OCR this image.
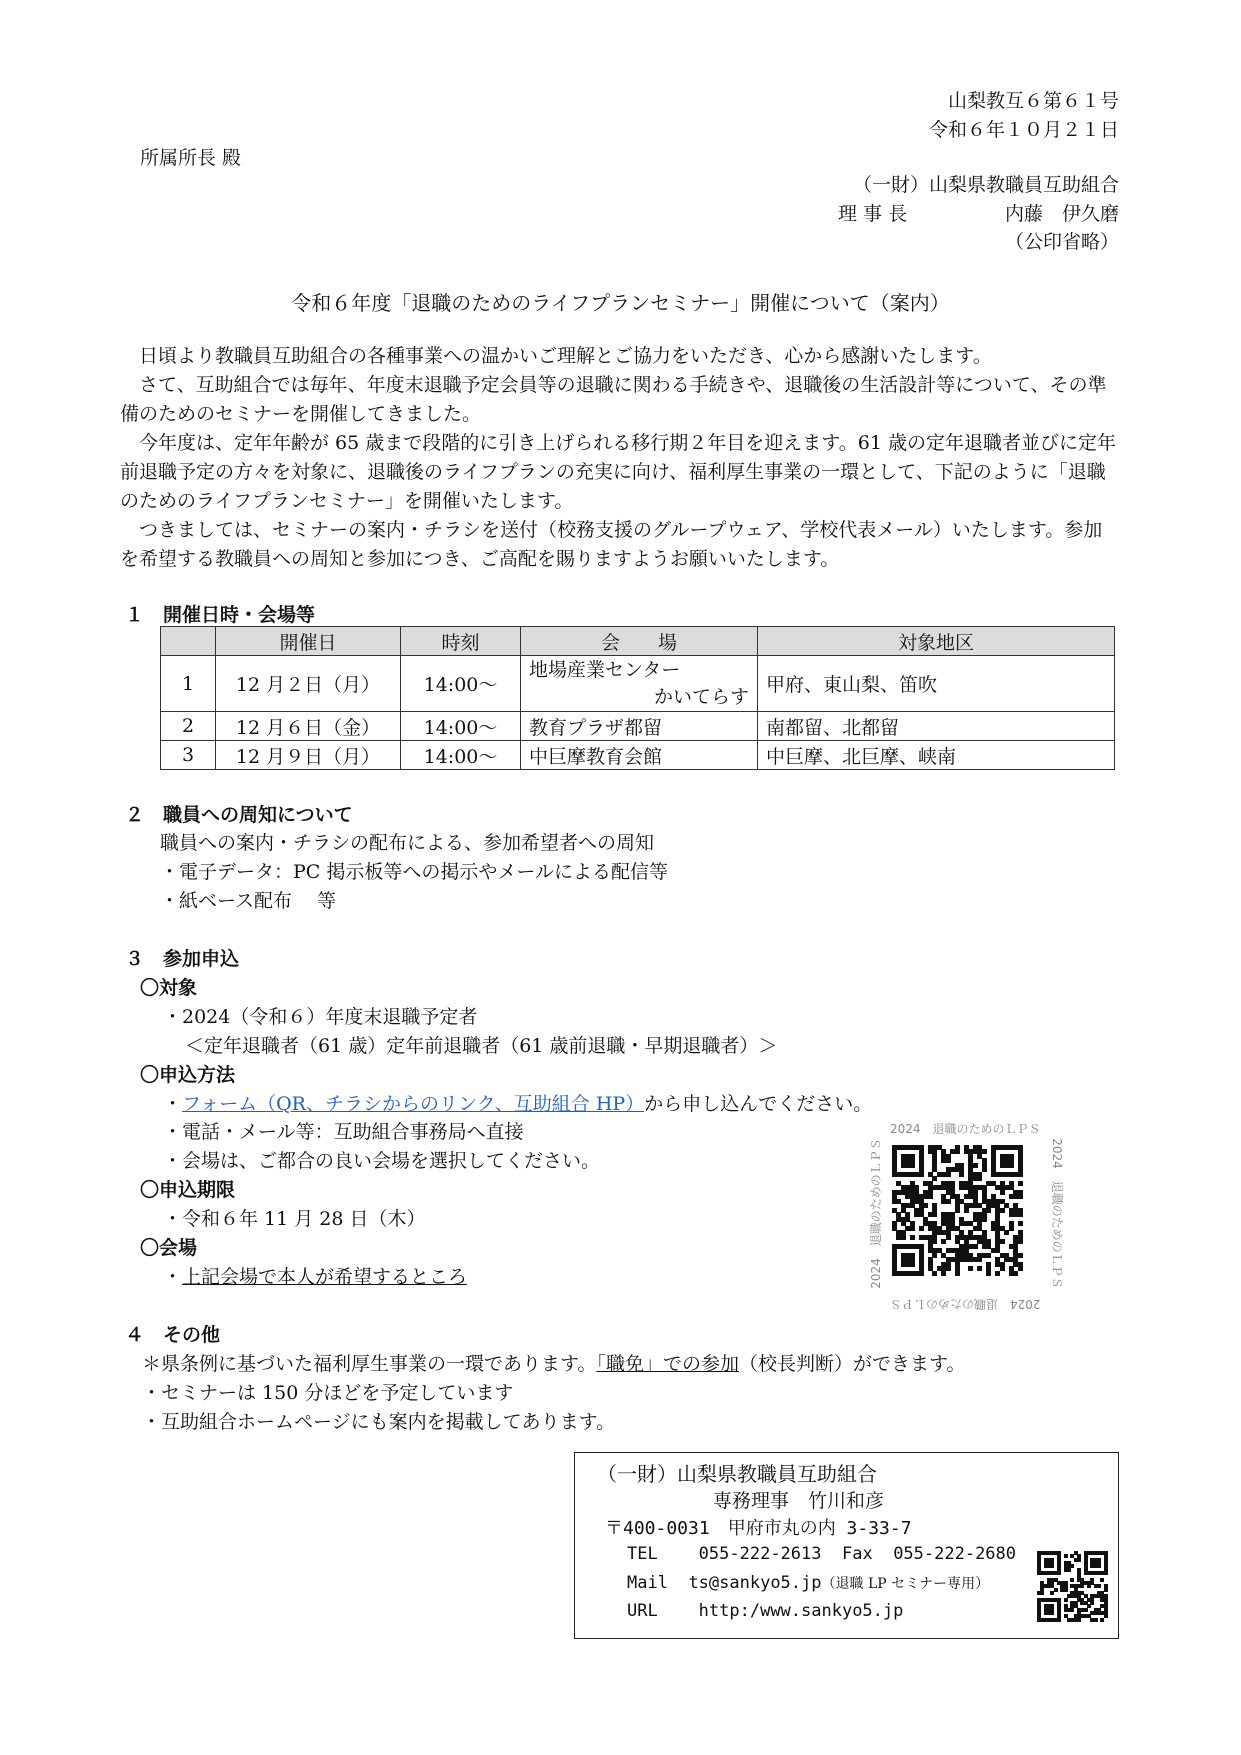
山梨教互６第６１号
令和６年１０月２１日
所属所長 殿
（一財）山梨県教職員互助組合
理 事 長	内藤　伊久磨
（公印省略）
令和６年度「退職のためのライフプランセミナー」開催について（案内）

日頃より教職員互助組合の各種事業への温かいご理解とご協力をいただき、心から感謝いたします。

さて、互助組合では毎年、年度末退職予定会員等の退職に関わる手続きや、退職後の生活設計等について、その準備のためのセミナーを開催してきました。

今年度は、定年年齢が 65 歳まで段階的に引き上げられる移行期２年目を迎えます。61 歳の定年退職者並びに定年前退職予定の方々を対象に、退職後のライフプランの充実に向け、福利厚生事業の一環として、下記のように「退職のためのライフプランセミナー」を開催いたします。

つきましては、セミナーの案内・チラシを送付（校務支援のグループウェア、学校代表メール）いたします。参加を希望する教職員への周知と参加につき、ご高配を賜りますようお願いいたします。

１　開催日時・会場等
	開催日	時刻	会　　場	対象地区
1	12 月２日（月）	14:00～	地場産業センター
かいてらす	甲府、東山梨、笛吹
2	12 月６日（金）	14:00～	教育プラザ都留	南都留、北都留
3	12 月９日（月）	14:00～	中巨摩教育会館	中巨摩、北巨摩、峡南
２　職員への周知について
職員への案内・チラシの配布による、参加希望者への周知
・電子データ：PC 掲示板等への掲示やメールによる配信等
・紙ベース配布　 等
３　参加申込
〇対象
・2024（令和６）年度末退職予定者
＜定年退職者（61 歳）定年前退職者（61 歳前退職・早期退職者）＞
〇申込方法
・フォーム（QR、チラシからのリンク、互助組合 HP）から申し込んでください。
・電話・メール等：互助組合事務局へ直接
・会場は、ご都合の良い会場を選択してください。
〇申込期限
・令和６年 11 月 28 日（木）
〇会場
・上記会場で本人が希望するところ
2024　退職のためのＬＰＳ
2024　退職のためのＬＰＳ
2024　退職のためのＬＰＳ	2024　退職のためのＬＰＳ
４　その他
＊県条例に基づいた福利厚生事業の一環であります。「職免」での参加（校長判断）ができます。
・セミナーは 150 分ほどを予定しています
・互助組合ホームページにも案内を掲載してあります。
（一財）山梨県教職員互助組合
専務理事　竹川和彦
〒400-0031　甲府市丸の内 3-33-7
TEL 055-222-2613 Fax 055-222-2680
Mail ts@sankyo5.jp（退職 LP セミナー専用）
URL http:/www.sankyo5.jp
